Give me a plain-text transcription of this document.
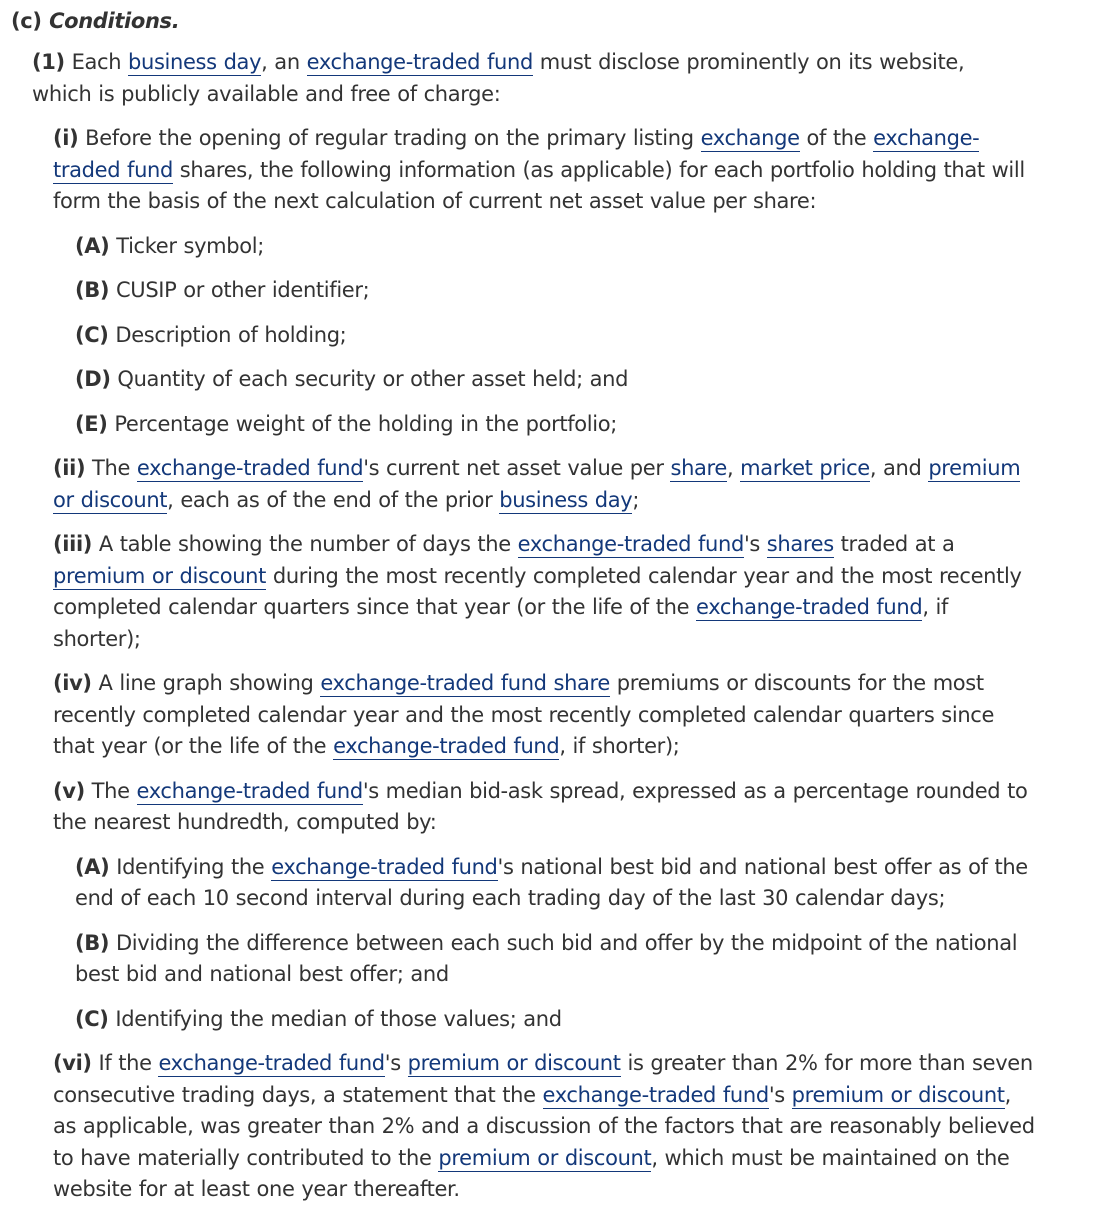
(c) Conditions.

(1) Each business day, an exchange-traded fund must disclose prominently on its website, which is publicly available and free of charge:

(i) Before the opening of regular trading on the primary listing exchange of the exchange-traded fund shares, the following information (as applicable) for each portfolio holding that will form the basis of the next calculation of current net asset value per share:

(A) Ticker symbol;

(B) CUSIP or other identifier;

(C) Description of holding;

(D) Quantity of each security or other asset held; and

(E) Percentage weight of the holding in the portfolio;

(ii) The exchange-traded fund's current net asset value per share, market price, and premium or discount, each as of the end of the prior business day;

(iii) A table showing the number of days the exchange-traded fund's shares traded at a premium or discount during the most recently completed calendar year and the most recently completed calendar quarters since that year (or the life of the exchange-traded fund, if shorter);

(iv) A line graph showing exchange-traded fund share premiums or discounts for the most recently completed calendar year and the most recently completed calendar quarters since that year (or the life of the exchange-traded fund, if shorter);

(v) The exchange-traded fund's median bid-ask spread, expressed as a percentage rounded to the nearest hundredth, computed by:

(A) Identifying the exchange-traded fund's national best bid and national best offer as of the end of each 10 second interval during each trading day of the last 30 calendar days;

(B) Dividing the difference between each such bid and offer by the midpoint of the national best bid and national best offer; and

(C) Identifying the median of those values; and

(vi) If the exchange-traded fund's premium or discount is greater than 2% for more than seven consecutive trading days, a statement that the exchange-traded fund's premium or discount, as applicable, was greater than 2% and a discussion of the factors that are reasonably believed to have materially contributed to the premium or discount, which must be maintained on the website for at least one year thereafter.
